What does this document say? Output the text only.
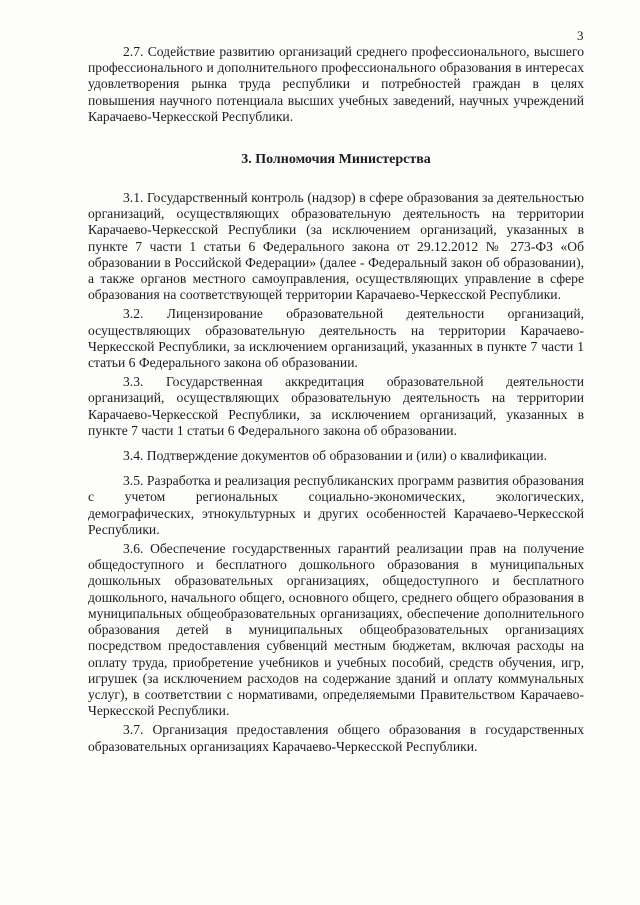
3

2.7. Содействие развитию организаций среднего профессионального, высшего профессионального и дополнительного профессионального образования в интересах удовлетворения рынка труда республики и потребностей граждан в целях повышения научного потенциала высших учебных заведений, научных учреждений Карачаево-Черкесской Республики.

3. Полномочия Министерства

3.1. Государственный контроль (надзор) в сфере образования за деятельностью организаций, осуществляющих образовательную деятельность на территории Карачаево-Черкесской Республики (за исключением организаций, указанных в пункте 7 части 1 статьи 6 Федерального закона от 29.12.2012 № 273-ФЗ «Об образовании в Российской Федерации» (далее - Федеральный закон об образовании), а также органов местного самоуправления, осуществляющих управление в сфере образования на соответствующей территории Карачаево-Черкесской Республики.

3.2. Лицензирование образовательной деятельности организаций, осуществляющих образовательную деятельность на территории Карачаево-Черкесской Республики, за исключением организаций, указанных в пункте 7 части 1 статьи 6 Федерального закона об образовании.

3.3. Государственная аккредитация образовательной деятельности организаций, осуществляющих образовательную деятельность на территории Карачаево-Черкесской Республики, за исключением организаций, указанных в пункте 7 части 1 статьи 6 Федерального закона об образовании.

3.4. Подтверждение документов об образовании и (или) о квалификации.

3.5. Разработка и реализация республиканских программ развития образования с учетом региональных социально-экономических, экологических, демографических, этнокультурных и других особенностей Карачаево-Черкесской Республики.

3.6. Обеспечение государственных гарантий реализации прав на получение общедоступного и бесплатного дошкольного образования в муниципальных дошкольных образовательных организациях, общедоступного и бесплатного дошкольного, начального общего, основного общего, среднего общего образования в муниципальных общеобразовательных организациях, обеспечение дополнительного образования детей в муниципальных общеобразовательных организациях посредством предоставления субвенций местным бюджетам, включая расходы на оплату труда, приобретение учебников и учебных пособий, средств обучения, игр, игрушек (за исключением расходов на содержание зданий и оплату коммунальных услуг), в соответствии с нормативами, определяемыми Правительством Карачаево-Черкесской Республики.

3.7. Организация предоставления общего образования в государственных образовательных организациях Карачаево-Черкесской Республики.
